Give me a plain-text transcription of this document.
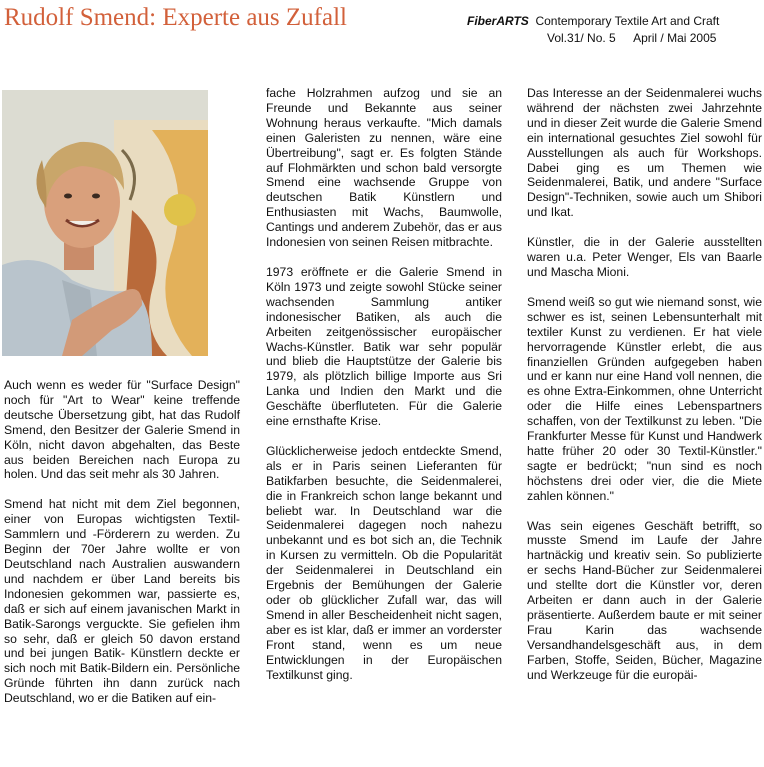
Rudolf Smend: Experte aus Zufall	FiberARTS Contemporary Textile Art and Craft
Vol.31/ No. 5 April / Mai 2005

Auch wenn es weder für "Surface Design" noch für "Art to Wear" keine treffende deutsche Übersetzung gibt, hat das Rudolf Smend, den Besitzer der Galerie Smend in Köln, nicht davon abgehalten, das Beste aus beiden Bereichen nach Europa zu holen. Und das seit mehr als 30 Jahren.

Smend hat nicht mit dem Ziel begonnen, einer von Europas wichtigsten Textil-Sammlern und -Förderern zu werden. Zu Beginn der 70er Jahre wollte er von Deutschland nach Australien auswandern und nachdem er über Land bereits bis Indonesien gekommen war, passierte es, daß er sich auf einem javanischen Markt in Batik-Sarongs verguckte. Sie gefielen ihm so sehr, daß er gleich 50 davon erstand und bei jungen Batik- Künstlern deckte er sich noch mit Batik-Bildern ein. Persönliche Gründe führten ihn dann zurück nach Deutschland, wo er die Batiken auf ein-

fache Holzrahmen aufzog und sie an Freunde und Bekannte aus seiner Wohnung heraus verkaufte. "Mich damals einen Galeristen zu nennen, wäre eine Übertreibung", sagt er. Es folgten Stände auf Flohmärkten und schon bald versorgte Smend eine wachsende Gruppe von deutschen Batik Künstlern und Enthusiasten mit Wachs, Baumwolle, Cantings und anderem Zubehör, das er aus Indonesien von seinen Reisen mitbrachte.

1973 eröffnete er die Galerie Smend in Köln 1973 und zeigte sowohl Stücke seiner wachsenden Sammlung antiker indonesischer Batiken, als auch die Arbeiten zeitgenössischer europäischer Wachs-Künstler. Batik war sehr populär und blieb die Hauptstütze der Galerie bis 1979, als plötzlich billige Importe aus Sri Lanka und Indien den Markt und die Geschäfte überfluteten. Für die Galerie eine ernsthafte Krise.

Glücklicherweise jedoch entdeckte Smend, als er in Paris seinen Lieferanten für Batikfarben besuchte, die Seidenmalerei, die in Frankreich schon lange bekannt und beliebt war. In Deutschland war die Seidenmalerei dagegen noch nahezu unbekannt und es bot sich an, die Technik in Kursen zu vermitteln. Ob die Popularität der Seidenmalerei in Deutschland ein Ergebnis der Bemühungen der Galerie oder ob glücklicher Zufall war, das will Smend in aller Bescheidenheit nicht sagen, aber es ist klar, daß er immer an vorderster Front stand, wenn es um neue Entwicklungen in der Europäischen Textilkunst ging.

Das Interesse an der Seidenmalerei wuchs während der nächsten zwei Jahrzehnte und in dieser Zeit wurde die Galerie Smend ein international gesuchtes Ziel sowohl für Ausstellungen als auch für Workshops. Dabei ging es um Themen wie Seidenmalerei, Batik, und andere "Surface Design"-Techniken, sowie auch um Shibori und Ikat.

Künstler, die in der Galerie ausstellten waren u.a. Peter Wenger, Els van Baarle und Mascha Mioni.

Smend weiß so gut wie niemand sonst, wie schwer es ist, seinen Lebensunterhalt mit textiler Kunst zu verdienen. Er hat viele hervorragende Künstler erlebt, die aus finanziellen Gründen aufgegeben haben und er kann nur eine Hand voll nennen, die es ohne Extra-Einkommen, ohne Unterricht oder die Hilfe eines Lebenspartners schaffen, von der Textilkunst zu leben. "Die Frankfurter Messe für Kunst und Handwerk hatte früher 20 oder 30 Textil-Künstler." sagte er bedrückt; "nun sind es noch höchstens drei oder vier, die die Miete zahlen können."

Was sein eigenes Geschäft betrifft, so musste Smend im Laufe der Jahre hartnäckig und kreativ sein. So publizierte er sechs Hand-Bücher zur Seidenmalerei und stellte dort die Künstler vor, deren Arbeiten er dann auch in der Galerie präsentierte. Außerdem baute er mit seiner Frau Karin das wachsende Versandhandelsgeschäft aus, in dem Farben, Stoffe, Seiden, Bücher, Magazine und Werkzeuge für die europäi-
